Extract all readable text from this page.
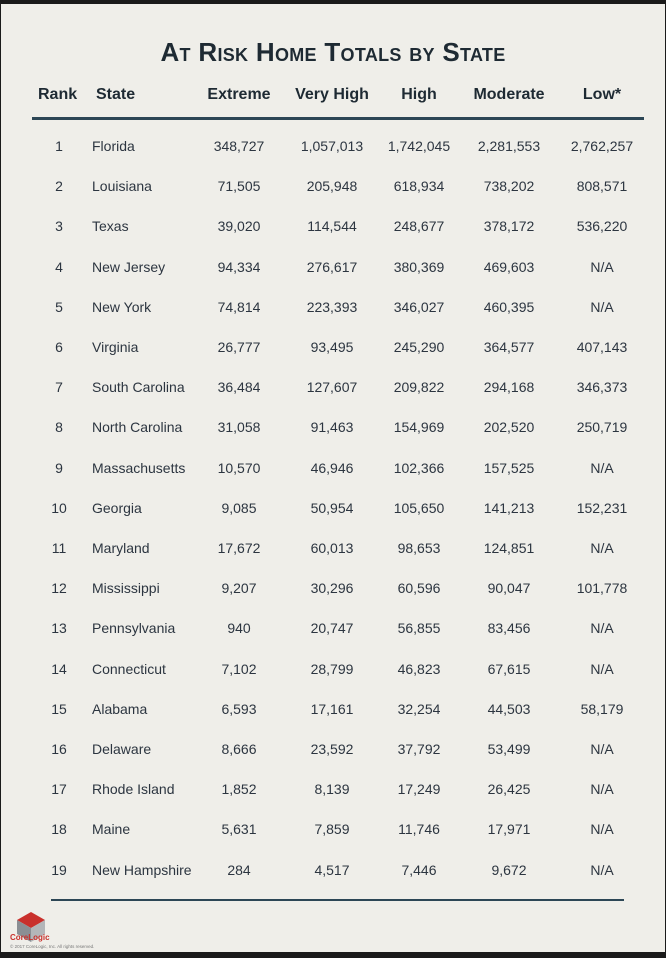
At Risk Home Totals by State
Rank State	Extreme	Very High	High	Moderate	Low*
1	Florida	348,727	1,057,013	1,742,045	2,281,553	2,762,257
2	Louisiana	71,505	205,948	618,934	738,202	808,571
3	Texas	39,020	114,544	248,677	378,172	536,220
4	New Jersey	94,334	276,617	380,369	469,603	N/A
5	New York	74,814	223,393	346,027	460,395	N/A
6	Virginia	26,777	93,495	245,290	364,577	407,143
7	South Carolina	36,484	127,607	209,822	294,168	346,373
8	North Carolina	31,058	91,463	154,969	202,520	250,719
9	Massachusetts	10,570	46,946	102,366	157,525	N/A
10	Georgia	9,085	50,954	105,650	141,213	152,231
11	Maryland	17,672	60,013	98,653	124,851	N/A
12	Mississippi	9,207	30,296	60,596	90,047	101,778
13	Pennsylvania	940	20,747	56,855	83,456	N/A
14	Connecticut	7,102	28,799	46,823	67,615	N/A
15	Alabama	6,593	17,161	32,254	44,503	58,179
16	Delaware	8,666	23,592	37,792	53,499	N/A
17	Rhode Island	1,852	8,139	17,249	26,425	N/A
18	Maine	5,631	7,859	11,746	17,971	N/A
19	New Hampshire	284	4,517	7,446	9,672	N/A
CoreLogic
© 2017 CoreLogic, Inc. All rights reserved.
